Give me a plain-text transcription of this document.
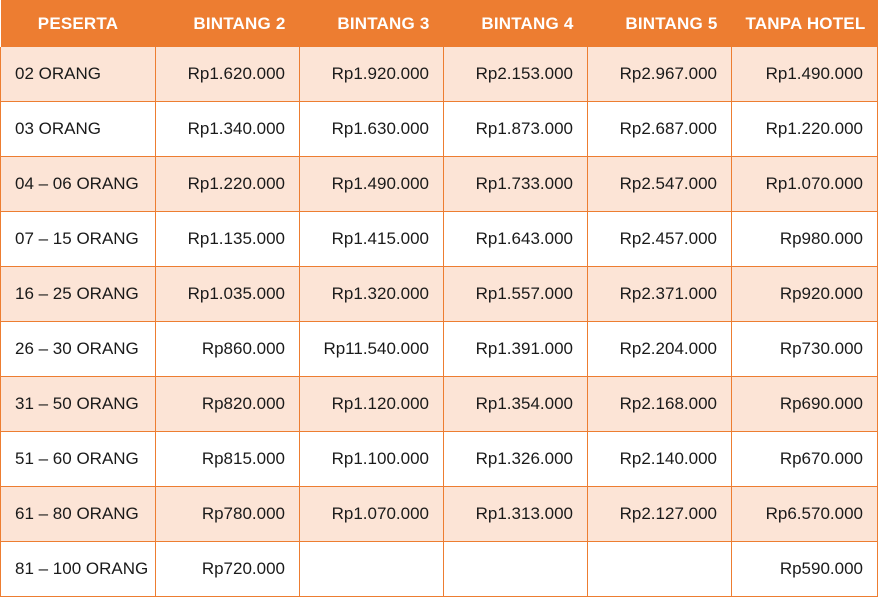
PESERTA	BINTANG 2	BINTANG 3	BINTANG 4	BINTANG 5	TANPA HOTEL
02 ORANG	Rp1.620.000	Rp1.920.000	Rp2.153.000	Rp2.967.000	Rp1.490.000
03 ORANG	Rp1.340.000	Rp1.630.000	Rp1.873.000	Rp2.687.000	Rp1.220.000
04 – 06 ORANG	Rp1.220.000	Rp1.490.000	Rp1.733.000	Rp2.547.000	Rp1.070.000
07 – 15 ORANG	Rp1.135.000	Rp1.415.000	Rp1.643.000	Rp2.457.000	Rp980.000
16 – 25 ORANG	Rp1.035.000	Rp1.320.000	Rp1.557.000	Rp2.371.000	Rp920.000
26 – 30 ORANG	Rp860.000	Rp11.540.000	Rp1.391.000	Rp2.204.000	Rp730.000
31 – 50 ORANG	Rp820.000	Rp1.120.000	Rp1.354.000	Rp2.168.000	Rp690.000
51 – 60 ORANG	Rp815.000	Rp1.100.000	Rp1.326.000	Rp2.140.000	Rp670.000
61 – 80 ORANG	Rp780.000	Rp1.070.000	Rp1.313.000	Rp2.127.000	Rp6.570.000
81 – 100 ORANG	Rp720.000				Rp590.000
